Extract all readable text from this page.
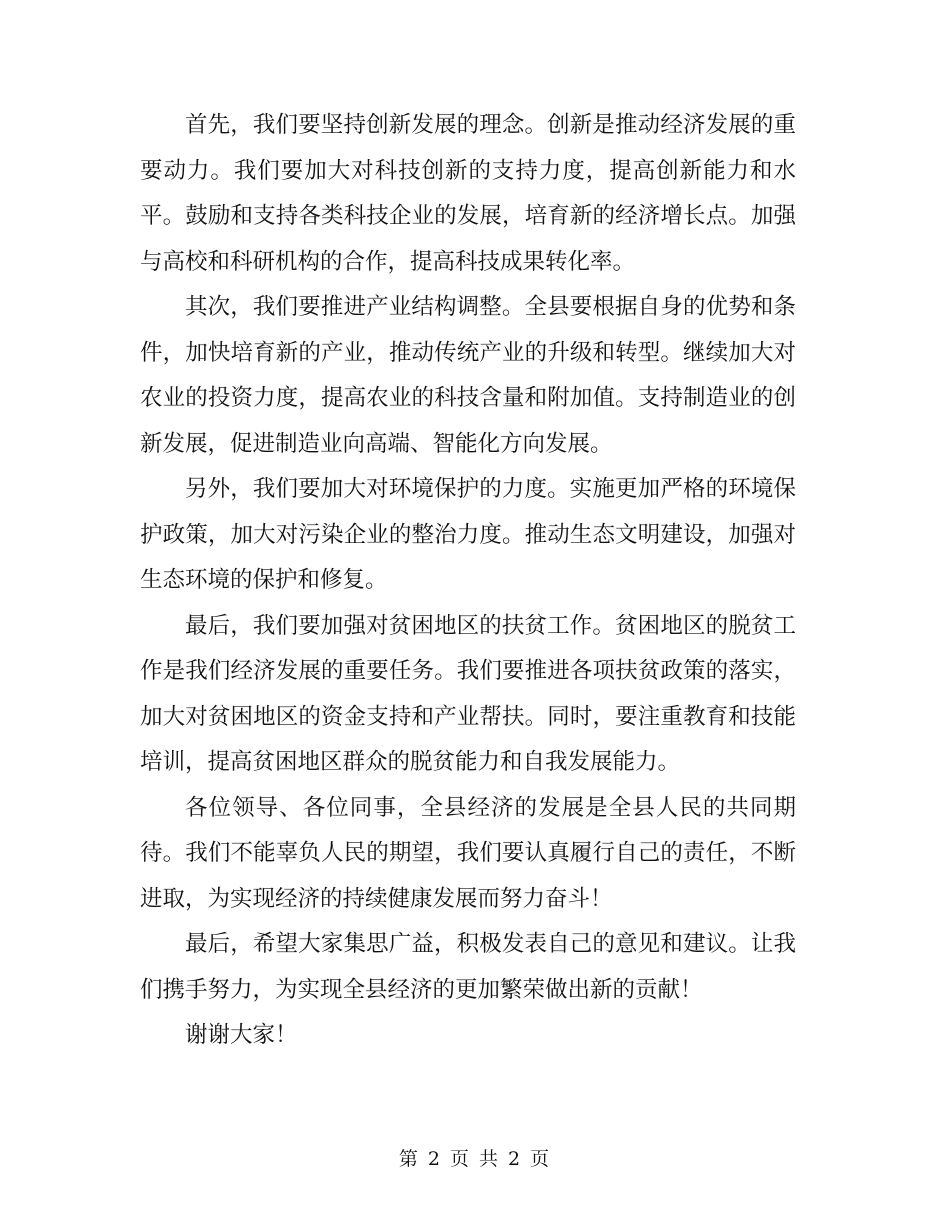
首先，我们要坚持创新发展的理念。创新是推动经济发展的重要动力。我们要加大对科技创新的支持力度，提高创新能力和水平。鼓励和支持各类科技企业的发展，培育新的经济增长点。加强与高校和科研机构的合作，提高科技成果转化率。

其次，我们要推进产业结构调整。全县要根据自身的优势和条件，加快培育新的产业，推动传统产业的升级和转型。继续加大对农业的投资力度，提高农业的科技含量和附加值。支持制造业的创新发展，促进制造业向高端、智能化方向发展。

另外，我们要加大对环境保护的力度。实施更加严格的环境保护政策，加大对污染企业的整治力度。推动生态文明建设，加强对生态环境的保护和修复。

最后，我们要加强对贫困地区的扶贫工作。贫困地区的脱贫工作是我们经济发展的重要任务。我们要推进各项扶贫政策的落实，加大对贫困地区的资金支持和产业帮扶。同时，要注重教育和技能培训，提高贫困地区群众的脱贫能力和自我发展能力。

各位领导、各位同事，全县经济的发展是全县人民的共同期待。我们不能辜负人民的期望，我们要认真履行自己的责任，不断进取，为实现经济的持续健康发展而努力奋斗！

最后，希望大家集思广益，积极发表自己的意见和建议。让我们携手努力，为实现全县经济的更加繁荣做出新的贡献！

谢谢大家！

第 2 页 共 2 页
